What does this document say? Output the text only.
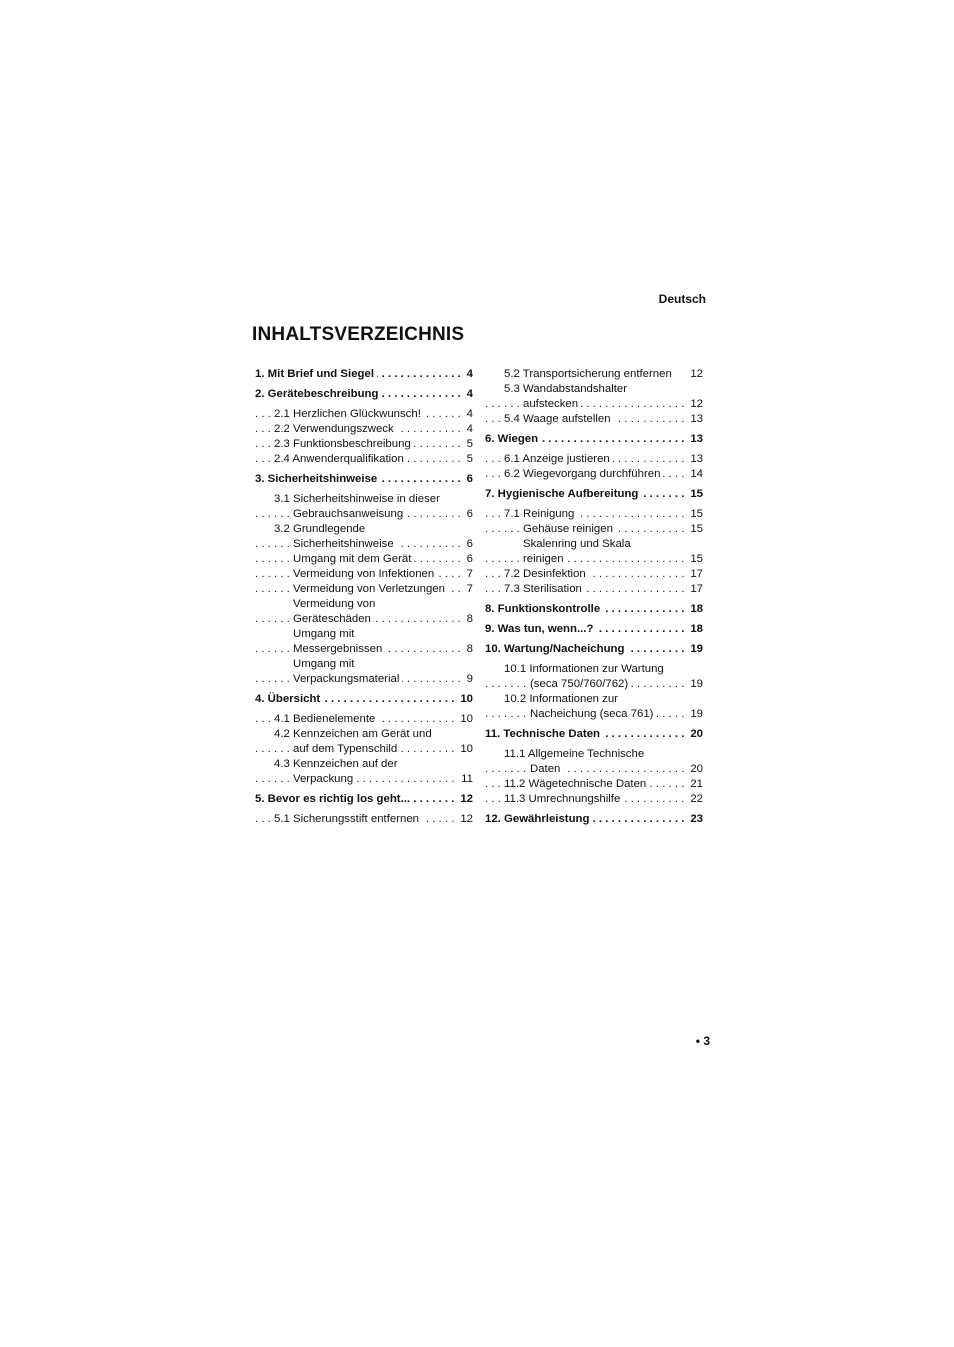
Deutsch
INHALTSVERZEICHNIS
. . . 1. Mit Brief und Siegel	4
. . . 2. Gerätebeschreibung	4
. . . 2.1 Herzlichen Glückwunsch!	4
. . . 2.2 Verwendungszweck	4
. . . 2.3 Funktionsbeschreibung	5
. . . 2.4 Anwenderqualifikation	5
. . . 3. Sicherheitshinweise	6
3.1 Sicherheitshinweise in dieser
. . . Gebrauchsanweisung	6
3.2 Grundlegende
. . . Sicherheitshinweise	6
. . . Umgang mit dem Gerät	6
. . . Vermeidung von Infektionen	7
. . . Vermeidung von Verletzungen 7
Vermeidung von
. . . Geräteschäden	8
Umgang mit
. . . Messergebnissen	8
Umgang mit
. . . Verpackungsmaterial	9
. . . 4. Übersicht	10
. . . 4.1 Bedienelemente	10
4.2 Kennzeichen am Gerät und
. . . auf dem Typenschild	10
4.3 Kennzeichen auf der
. . . Verpackung	11
. . . 5. Bevor es richtig los geht...	12
. . . 5.1 Sicherungsstift entfernen	12
5.2 Transportsicherung entfernen 12
5.3 Wandabstandshalter
. . . aufstecken	12
. . . 5.4 Waage aufstellen	13
. . . 6. Wiegen	13
. . . 6.1 Anzeige justieren	13
. . . 6.2 Wiegevorgang durchführen	14
. . . 7. Hygienische Aufbereitung	15
. . . 7.1 Reinigung	15
. . . Gehäuse reinigen	15
Skalenring und Skala
. . . reinigen	15
. . . 7.2 Desinfektion	17
. . . 7.3 Sterilisation	17
. . . 8. Funktionskontrolle	18
. . . 9. Was tun, wenn...?	18
. . . 10. Wartung/Nacheichung	19
10.1 Informationen zur Wartung
. . . (seca 750/760/762)	19
10.2 Informationen zur
. . . Nacheichung (seca 761)	19
. . . 11. Technische Daten	20
11.1 Allgemeine Technische
. . . Daten	20
. . . 11.2 Wägetechnische Daten	21
. . . 11.3 Umrechnungshilfe	22
. . . 12. Gewährleistung	23
• 3
